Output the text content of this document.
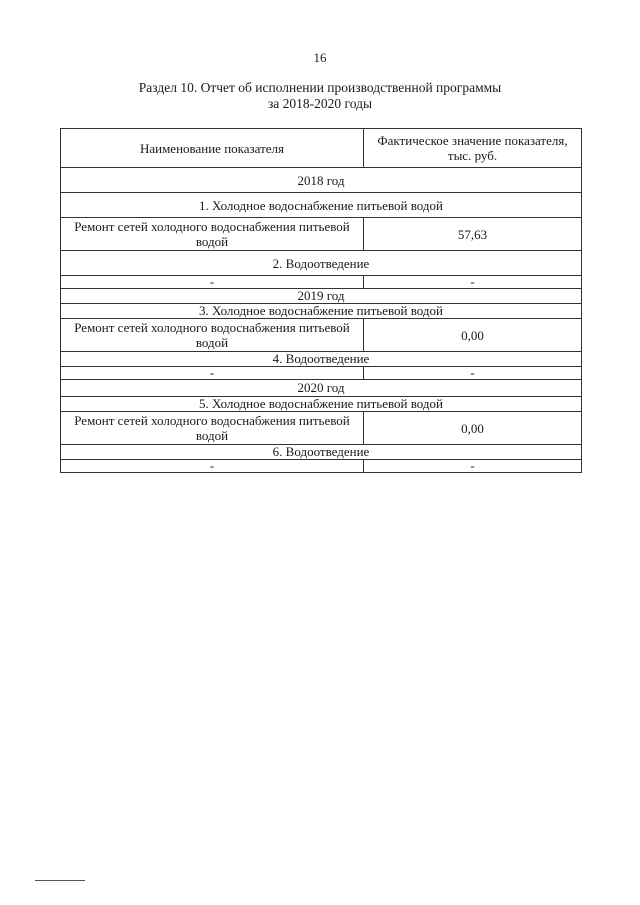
16
Раздел 10. Отчет об исполнении производственной программы
за 2018-2020 годы
Наименование показателя	Фактическое значение показателя, тыс. руб.
2018 год	
1. Холодное водоснабжение питьевой водой	
Ремонт сетей холодного водоснабжения питьевой водой	57,63
2. Водоотведение	
-	-
2019 год	
3. Холодное водоснабжение питьевой водой	
Ремонт сетей холодного водоснабжения питьевой водой	0,00
4. Водоотведение	
-	-
2020 год	
5. Холодное водоснабжение питьевой водой	
Ремонт сетей холодного водоснабжения питьевой водой	0,00
6. Водоотведение	
-	-
